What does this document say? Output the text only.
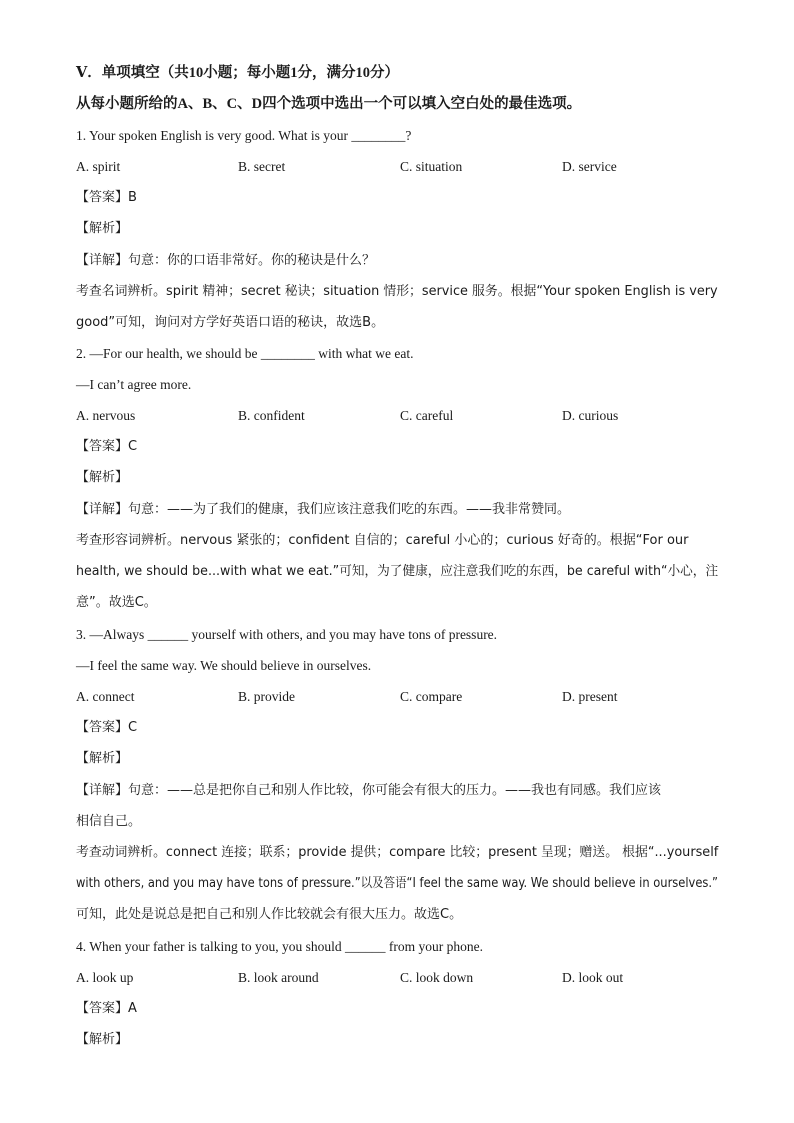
Ⅴ．单项填空（共10小题；每小题1分，满分10分）
从每小题所给的A、B、C、D四个选项中选出一个可以填入空白处的最佳选项。
1. Your spoken English is very good. What is your ________?
A. spirit	B. secret	C. situation	D. service
【答案】B
【解析】
【详解】句意：你的口语非常好。你的秘诀是什么？
考查名词辨析。spirit 精神；secret 秘诀；situation 情形；service 服务。根据“Your spoken English is very
good”可知，询问对方学好英语口语的秘诀，故选B。
2. —For our health, we should be ________ with what we eat.
—I can’t agree more.
A. nervous	B. confident	C. careful	D. curious
【答案】C
【解析】
【详解】句意：——为了我们的健康，我们应该注意我们吃的东西。——我非常赞同。
考查形容词辨析。nervous 紧张的；confident 自信的；careful 小心的；curious 好奇的。根据“For our
health, we should be...with what we eat.”可知，为了健康，应注意我们吃的东西，be careful with“小心，注
意”。故选C。
3. —Always ______ yourself with others, and you may have tons of pressure.
—I feel the same way. We should believe in ourselves.
A. connect	B. provide	C. compare	D. present
【答案】C
【解析】
【详解】句意：——总是把你自己和别人作比较，你可能会有很大的压力。——我也有同感。我们应该
相信自己。
考查动词辨析。connect 连接；联系；provide 提供；compare 比较；present 呈现；赠送。 根据“...yourself
with others, and you may have tons of pressure.”以及答语“I feel the same way. We should believe in ourselves.”
可知，此处是说总是把自己和别人作比较就会有很大压力。故选C。
4. When your father is talking to you, you should ______ from your phone.
A. look up	B. look around	C. look down	D. look out
【答案】A
【解析】
